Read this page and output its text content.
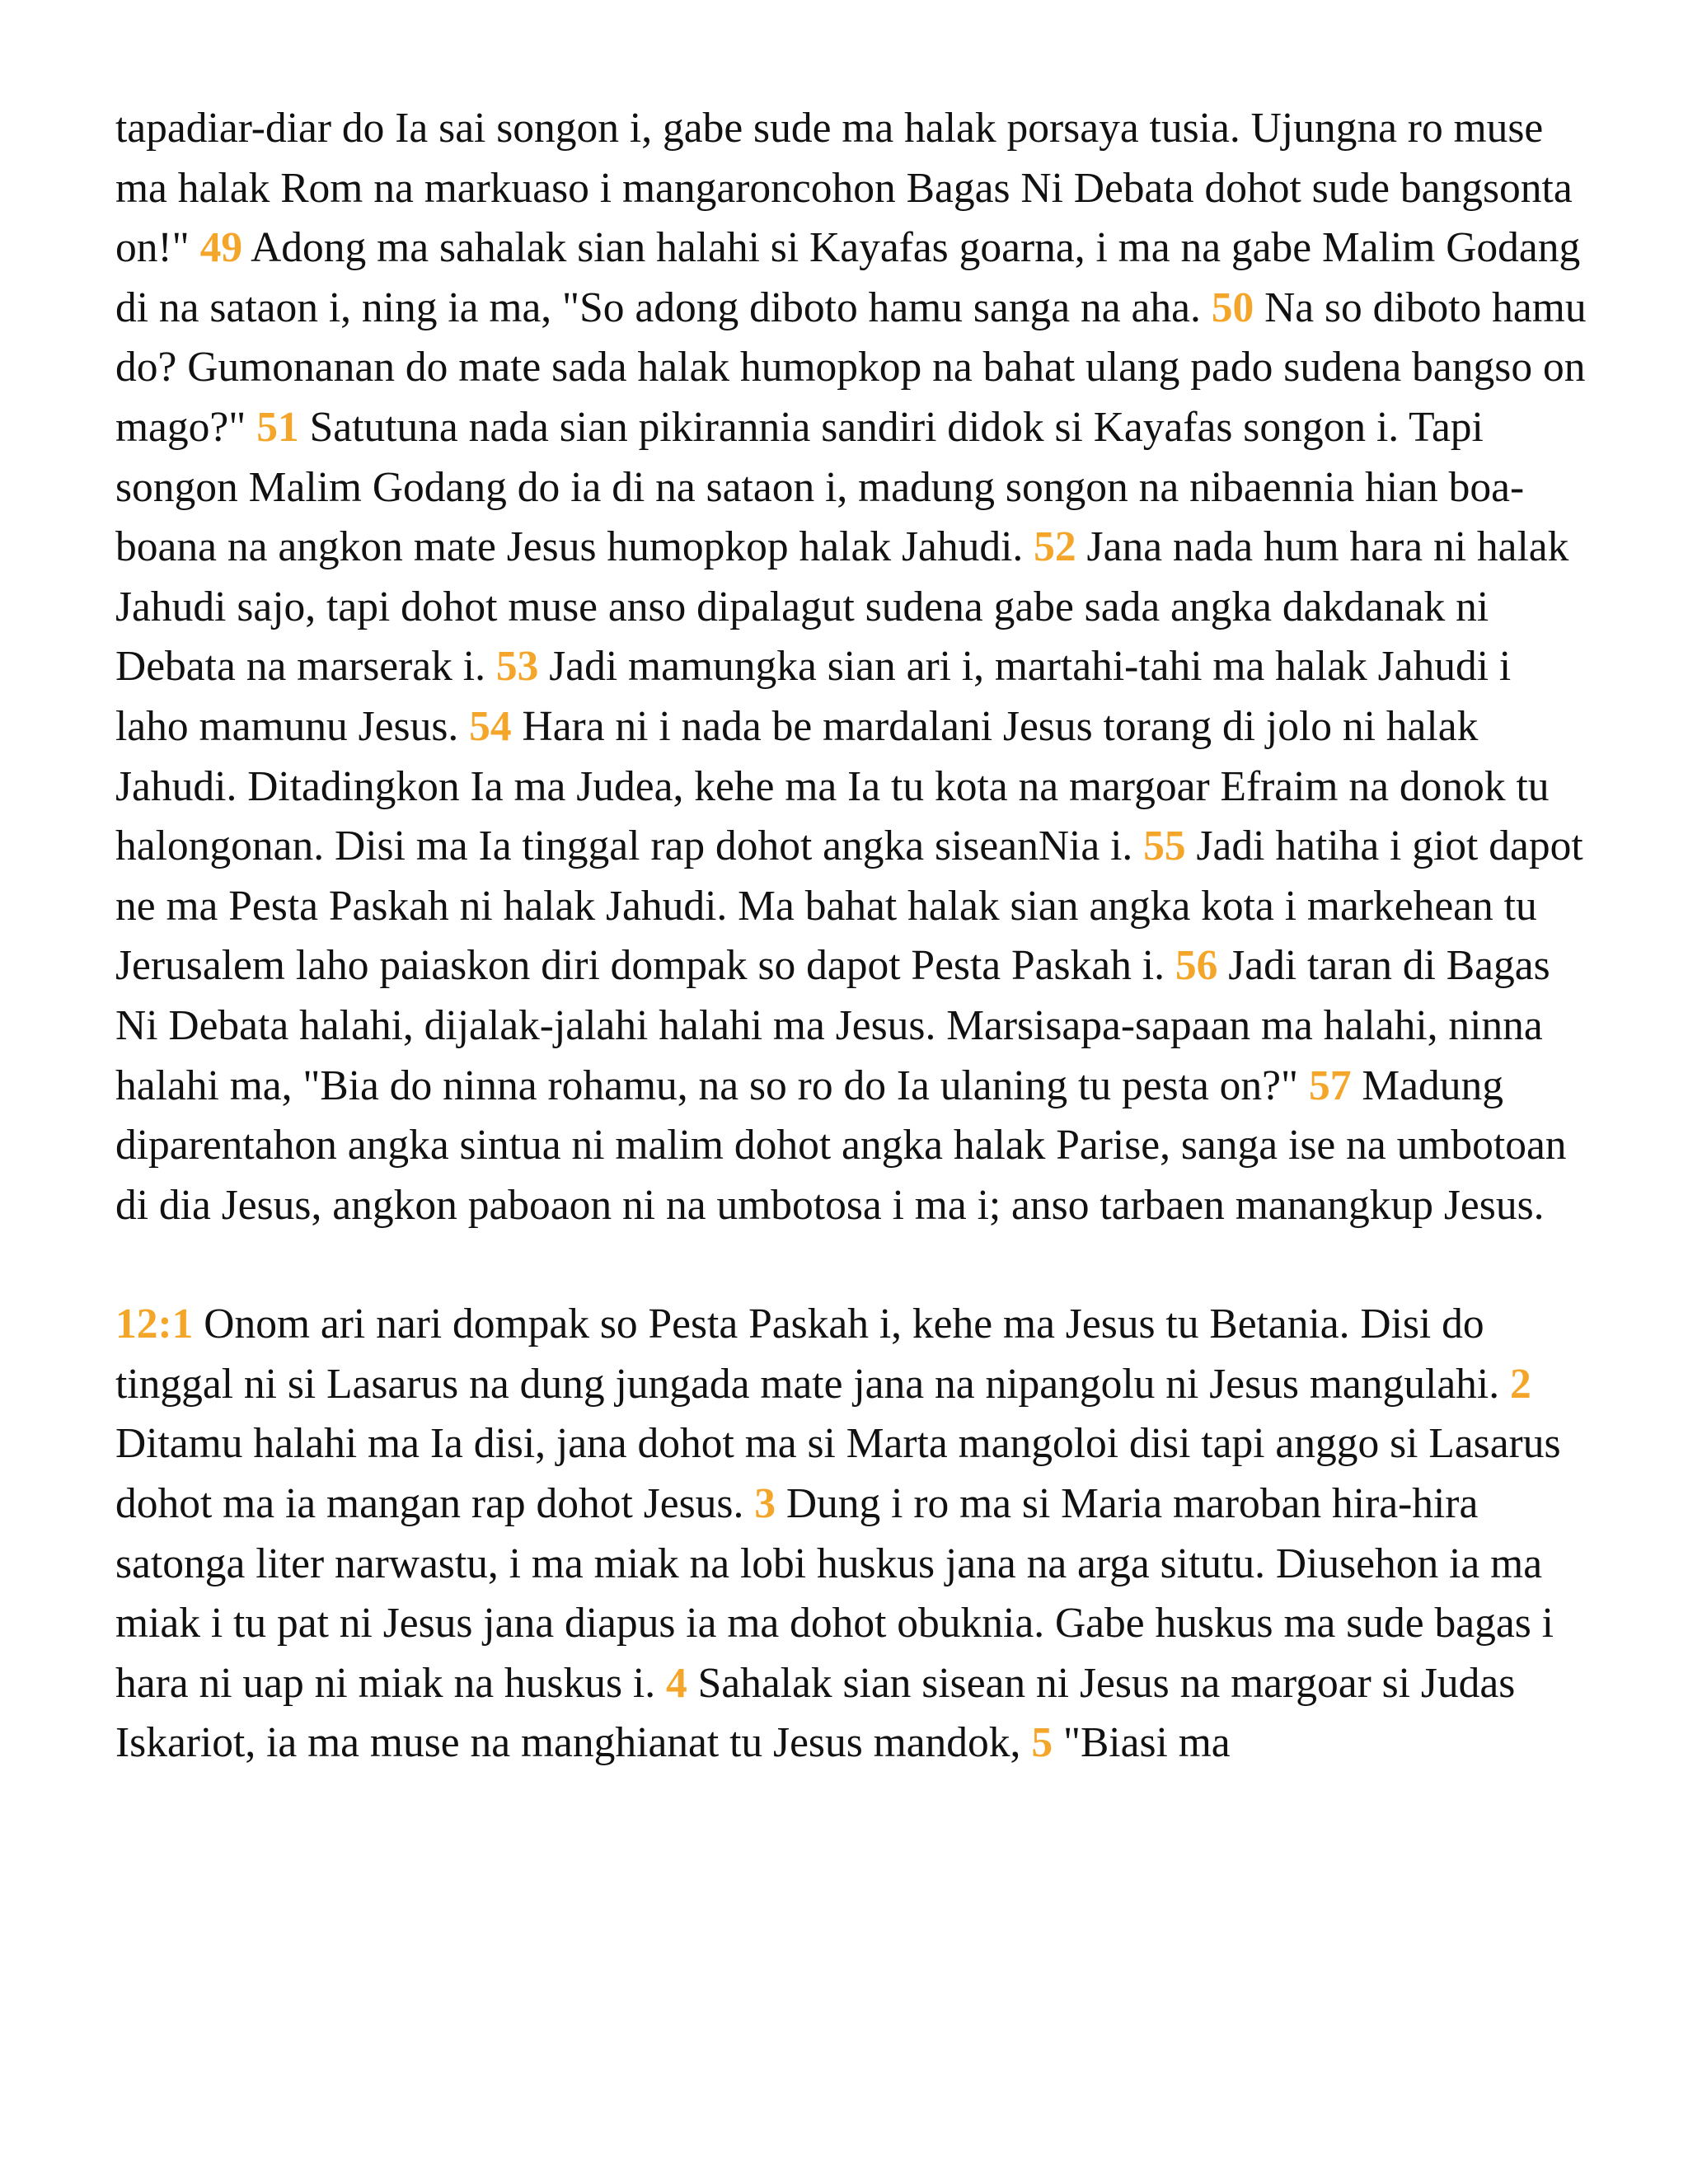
tapadiar-diar do Ia sai songon i, gabe sude ma halak porsaya tusia. Ujungna ro muse ma halak Rom na markuaso i mangaroncohon Bagas Ni Debata dohot sude bangsonta on!" 49 Adong ma sahalak sian halahi si Kayafas goarna, i ma na gabe Malim Godang di na sataon i, ning ia ma, "So adong diboto hamu sanga na aha. 50 Na so diboto hamu do? Gumonanan do mate sada halak humopkop na bahat ulang pado sudena bangso on mago?" 51 Satutuna nada sian pikirannia sandiri didok si Kayafas songon i. Tapi songon Malim Godang do ia di na sataon i, madung songon na nibaennia hian boa-boana na angkon mate Jesus humopkop halak Jahudi. 52 Jana nada hum hara ni halak Jahudi sajo, tapi dohot muse anso dipalagut sudena gabe sada angka dakdanak ni Debata na marserak i. 53 Jadi mamungka sian ari i, martahi-tahi ma halak Jahudi i laho mamunu Jesus. 54 Hara ni i nada be mardalani Jesus torang di jolo ni halak Jahudi. Ditadingkon Ia ma Judea, kehe ma Ia tu kota na margoar Efraim na donok tu halongonan. Disi ma Ia tinggal rap dohot angka siseanNia i. 55 Jadi hatiha i giot dapot ne ma Pesta Paskah ni halak Jahudi. Ma bahat halak sian angka kota i markehean tu Jerusalem laho paiaskon diri dompak so dapot Pesta Paskah i. 56 Jadi taran di Bagas Ni Debata halahi, dijalak-jalahi halahi ma Jesus. Marsisapa-sapaan ma halahi, ninna halahi ma, "Bia do ninna rohamu, na so ro do Ia ulaning tu pesta on?" 57 Madung diparentahon angka sintua ni malim dohot angka halak Parise, sanga ise na umbotoan di dia Jesus, angkon paboaon ni na umbotosa i ma i; anso tarbaen manangkup Jesus.

12:1 Onom ari nari dompak so Pesta Paskah i, kehe ma Jesus tu Betania. Disi do tinggal ni si Lasarus na dung jungada mate jana na nipangolu ni Jesus mangulahi. 2 Ditamu halahi ma Ia disi, jana dohot ma si Marta mangoloi disi tapi anggo si Lasarus dohot ma ia mangan rap dohot Jesus. 3 Dung i ro ma si Maria maroban hira-hira satonga liter narwastu, i ma miak na lobi huskus jana na arga situtu. Diusehon ia ma miak i tu pat ni Jesus jana diapus ia ma dohot obuknia. Gabe huskus ma sude bagas i hara ni uap ni miak na huskus i. 4 Sahalak sian sisean ni Jesus na margoar si Judas Iskariot, ia ma muse na manghianat tu Jesus mandok, 5 "Biasi ma
